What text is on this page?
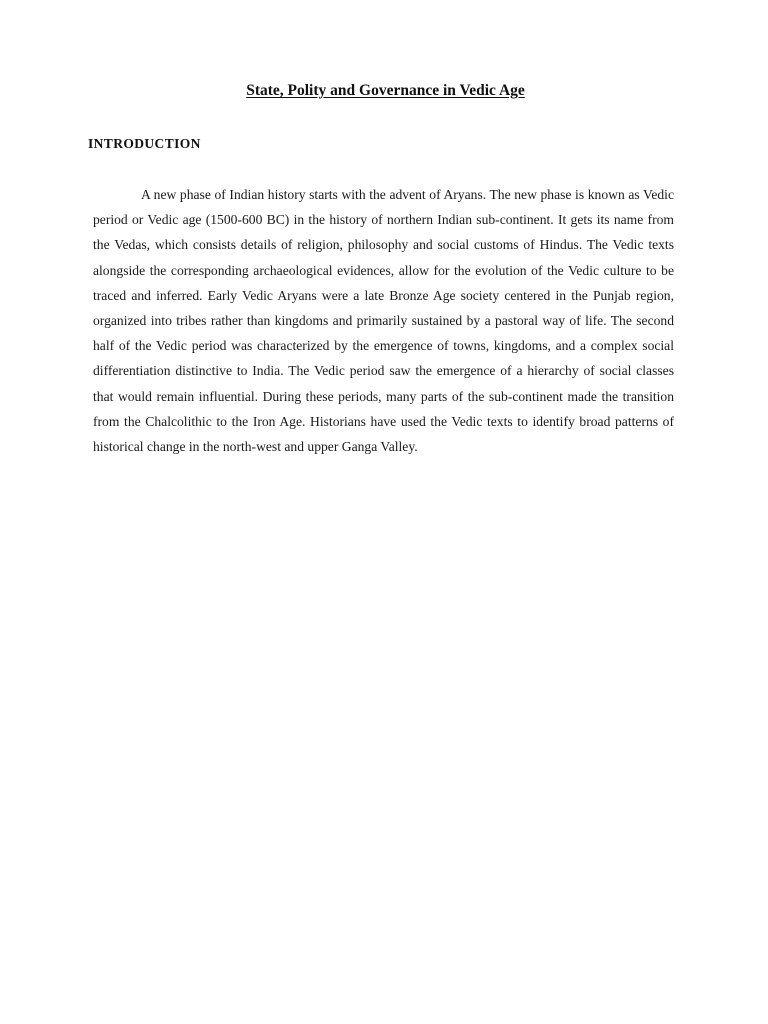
State, Polity and Governance in Vedic Age
INTRODUCTION

A new phase of Indian history starts with the advent of Aryans. The new phase is known as Vedic period or Vedic age (1500-600 BC) in the history of northern Indian sub-continent. It gets its name from the Vedas, which consists details of religion, philosophy and social customs of Hindus. The Vedic texts alongside the corresponding archaeological evidences, allow for the evolution of the Vedic culture to be traced and inferred. Early Vedic Aryans were a late Bronze Age society centered in the Punjab region, organized into tribes rather than kingdoms and primarily sustained by a pastoral way of life. The second half of the Vedic period was characterized by the emergence of towns, kingdoms, and a complex social differentiation distinctive to India. The Vedic period saw the emergence of a hierarchy of social classes that would remain influential. During these periods, many parts of the sub-continent made the transition from the Chalcolithic to the Iron Age. Historians have used the Vedic texts to identify broad patterns of historical change in the north-west and upper Ganga Valley.
